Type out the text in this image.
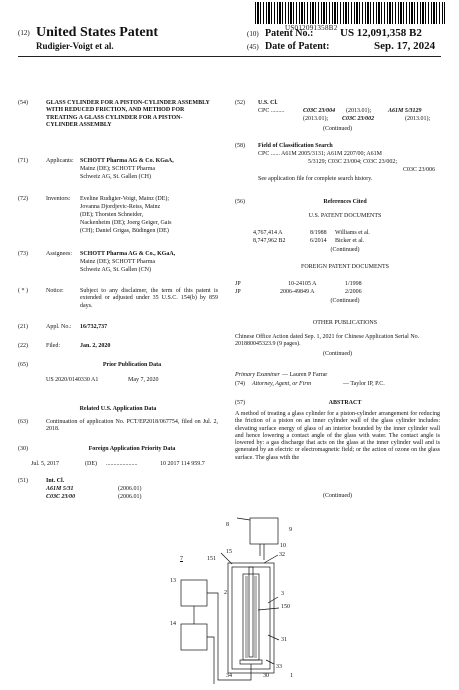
US012091358B2
(12) United States Patent
Rudigier-Voigt et al.
(10) Patent No.: US 12,091,358 B2
(45) Date of Patent:	Sep. 17, 2024
(54)	GLASS CYLINDER FOR A PISTON-CYLINDER ASSEMBLY WITH REDUCED FRICTION, AND METHOD FOR TREATING A GLASS CYLINDER FOR A PISTON-CYLINDER ASSEMBLY
(71)	Applicants: SCHOTT Pharma AG & Co. KGaA,
Mainz (DE); SCHOTT Pharma
Schweiz AG, St. Gallen (CH)
(72)	Inventors: Eveline Rudigier-Voigt, Mainz (DE);
Jovanna Djordjevic-Reiss, Mainz
(DE); Thorsten Schneider,
Nackenheim (DE); Joerg Geiger, Gais
(CH); Daniel Grigas, Büdingen (DE)
(73)	Assignees: SCHOTT Pharma AG & Co., KGaA,
Mainz (DE); SCHOTT Pharma
Schweiz AG, St. Gallen (CN)
( * )	Notice:	Subject to any disclaimer, the term of this patent is extended or adjusted under 35 U.S.C. 154(b) by 859 days.
(21)	Appl. No.: 16/732,737
(22)	Filed:	Jan. 2, 2020
(65)	Prior Publication Data
US 2020/0140330 A1	May 7, 2020
Related U.S. Application Data
(63)	Continuation of application No. PCT/EP2018/067754, filed on Jul. 2, 2018.
(30)	Foreign Application Priority Data
Jul. 5, 2017	(DE) .....................	10 2017 114 959.7
(51)	Int. Cl.
A61M 5/31	(2006.01)
C03C 23/00	(2006.01)
(52) U.S. Cl.
CPC .........	C03C 23/004 (2013.01);	A61M 5/3129
(2013.01); C03C 23/002	(2013.01);
(Continued)
(58) Field of Classification Search
CPC ...... A61M 2005/3131; A61M 2207/00; A61M
5/3129; C03C 23/004; C03C 23/002;
C03C 23/006
See application file for complete search history.
(56)	References Cited
U.S. PATENT DOCUMENTS
4,767,414 A	8/1988 Williams et al.
8,747,962 B2	6/2014 Bicker et al.
(Continued)
FOREIGN PATENT DOCUMENTS
JP	10-24105 A	1/1998
JP	2006-49849 A	2/2006
(Continued)
OTHER PUBLICATIONS
Chinese Office Action dated Sep. 1, 2021 for Chinese Application Serial No. 201880045323.9 (9 pages).
(Continued)
Primary Examiner — Lauren P Farrar
(74) Attorney, Agent, or Firm	— Taylor IP, P.C.
(57)	ABSTRACT
A method of treating a glass cylinder for a piston-cylinder arrangement for reducing the friction of a piston on an inner cylinder wall of the glass cylinder includes: elevating surface energy of glass of an interior bounded by the inner cylinder wall and hence lowering a contact angle of the glass with water. The contact angle is lowered by: a gas discharge that acts on the glass at the inner cylinder wall and is generated by an electric or electromagnetic field; or the action of ozone on the glass surface. The glass with the
(Continued)
8
9
10
32
7	151
15
13
2	3
150
14
31
33
34	30	1
